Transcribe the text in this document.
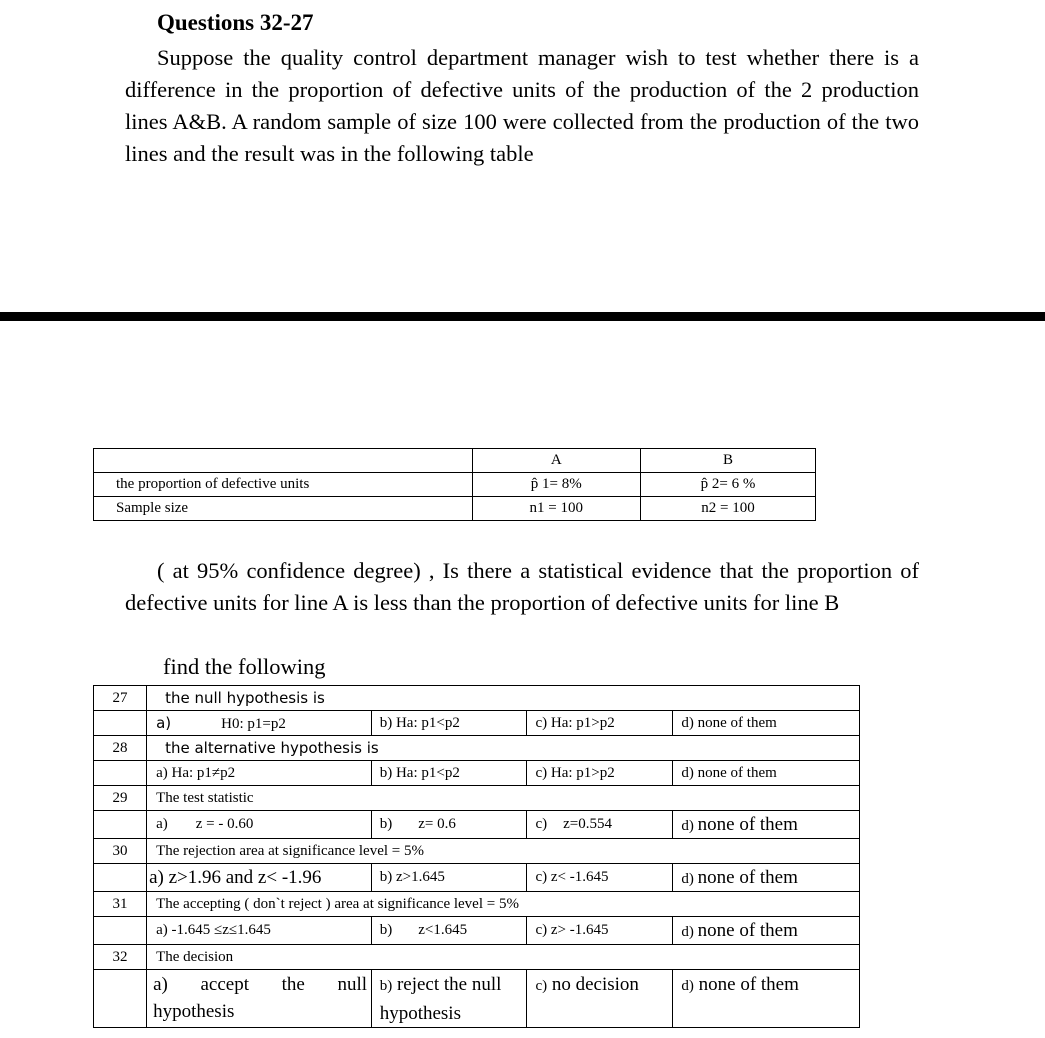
Questions 32-27

Suppose the quality control department manager wish to test whether there is a difference in the proportion of defective units of the production of the 2 production lines A&B. A random sample of size 100 were collected from the production of the two lines and the result was in the following table

	A	B
the proportion of defective units	p̂ 1= 8%	p̂ 2= 6 %
Sample size	n1 = 100	n2 = 100

( at 95% confidence degree) , Is there a statistical evidence that the proportion of defective units for line A is less than the proportion of defective units for line B

find the following

27	the null hypothesis is			
	a) H0: p1=p2	b) Ha: p1<p2	c) Ha: p1>p2	d) none of them
28	the alternative hypothesis is			
	a) Ha: p1≠p2	b) Ha: p1<p2	c) Ha: p1>p2	d) none of them
29	The test statistic			
	a) z = - 0.60	b) z= 0.6	c) z=0.554	d) none of them
30	The rejection area at significance level = 5%			
	a) z>1.96 and z< -1.96	b) z>1.645	c) z< -1.645	d) none of them
31	The accepting ( don`t reject ) area at significance level = 5%			
	a) -1.645 ≤z≤1.645	b) z<1.645	c) z> -1.645	d) none of them
32	The decision			

	a) accept the null
hypothesis	b) reject the null
hypothesis	c) no decision	d) none of them
